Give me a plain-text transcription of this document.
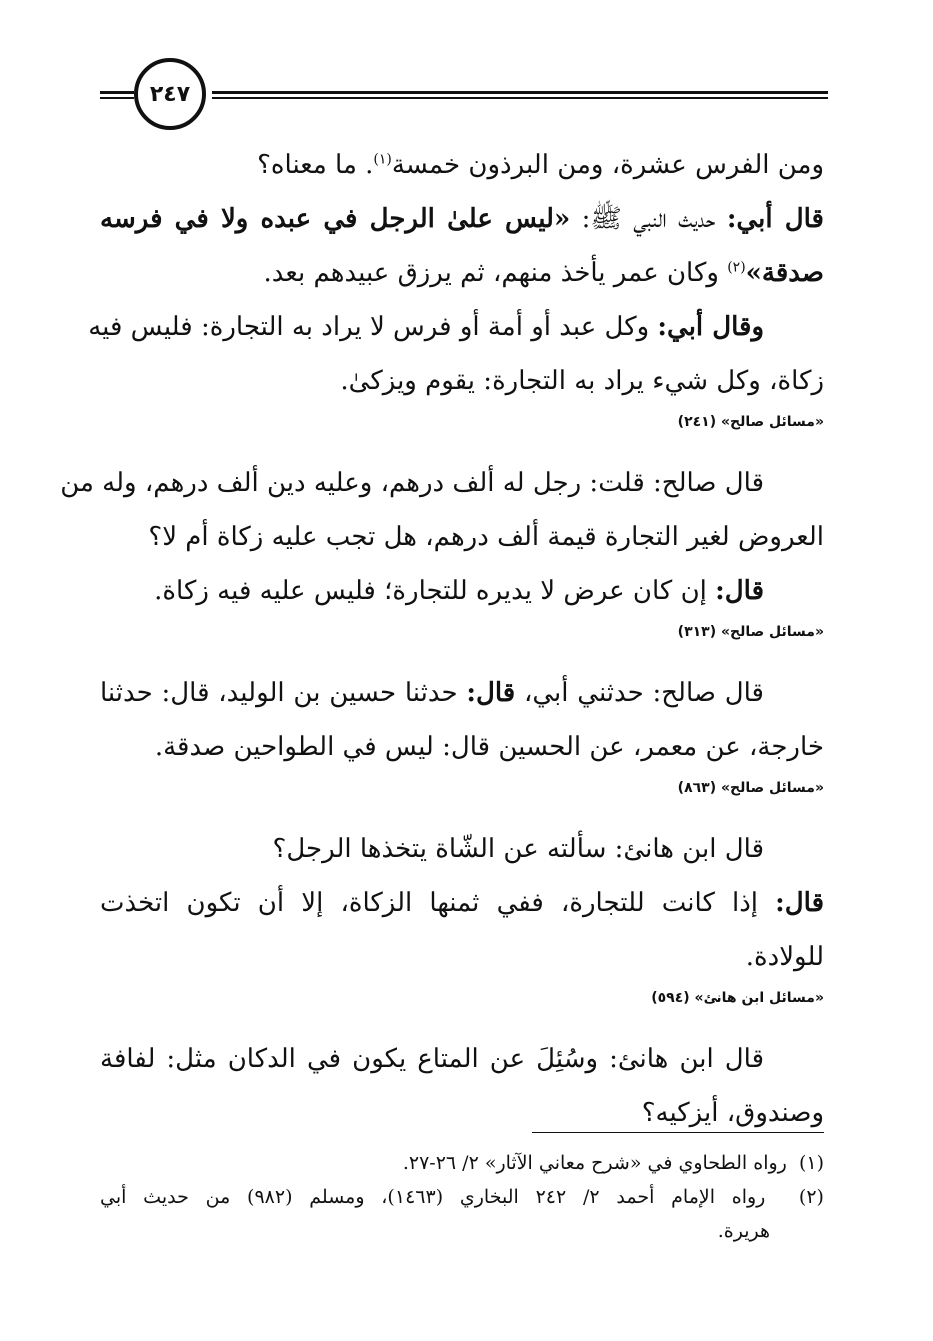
٢٤٧
ومن الفرس عشرة، ومن البرذون خمسة$^{(١)}$. ما معناه؟
قال أبي: حديث النبي ﷺ: «ليس علىٰ الرجل في عبده ولا في فرسه
صدقة»$^{(٢)}$ وكان عمر يأخذ منهم، ثم يرزق عبيدهم بعد.
وقال أبي: وكل عبد أو أمة أو فرس لا يراد به التجارة: فليس فيه
زكاة، وكل شيء يراد به التجارة: يقوم ويزكىٰ.
«مسائل صالح» (٢٤١)
قال صالح: قلت: رجل له ألف درهم، وعليه دين ألف درهم، وله من
العروض لغير التجارة قيمة ألف درهم، هل تجب عليه زكاة أم لا؟
قال: إن كان عرض لا يديره للتجارة؛ فليس عليه فيه زكاة.
«مسائل صالح» (٣١٣)
قال صالح: حدثني أبي، قال: حدثنا حسين بن الوليد، قال: حدثنا
خارجة، عن معمر، عن الحسين قال: ليس في الطواحين صدقة.
«مسائل صالح» (٨٦٣)
قال ابن هانئ: سألته عن الشّاة يتخذها الرجل؟
قال: إذا كانت للتجارة، ففي ثمنها الزكاة، إلا أن تكون اتخذت
للولادة.
«مسائل ابن هانئ» (٥٩٤)
قال ابن هانئ: وسُئِلَ عن المتاع يكون في الدكان مثل: لفافة
وصندوق، أيزكيه؟
(١)  رواه الطحاوي في «شرح معاني الآثار» ٢/ ٢٦-٢٧.
(٢)  رواه الإمام أحمد ٢/ ٢٤٢ البخاري (١٤٦٣)، ومسلم (٩٨٢) من حديث أبي
هريرة.
